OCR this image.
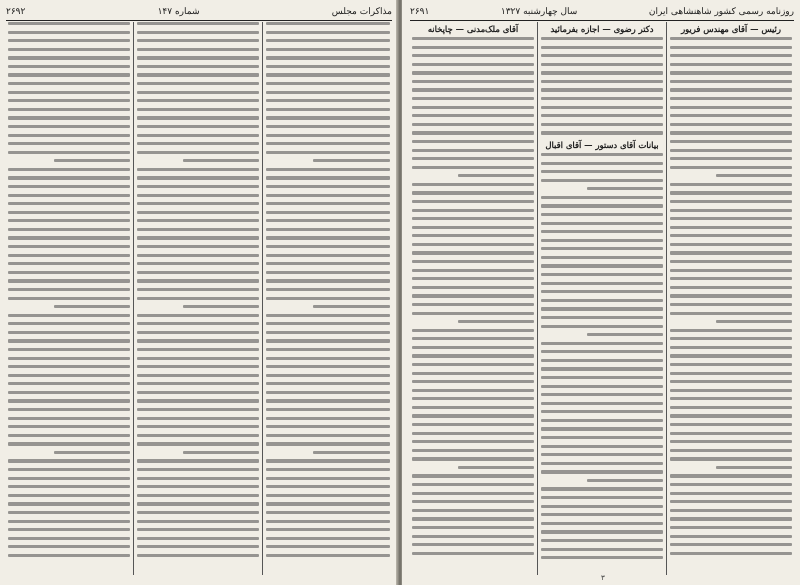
مذاکرات مجلس
شماره ۱۴۷
۲۶۹۲	روزنامه رسمی کشور شاهنشاهی ایران
سال چهارشنبه ۱۳۲۷
۲۶۹۱
آقای ملک‌مدنی — چاپخانه	دکتر رضوی — اجازه بفرمائید
بیانات آقای دستور — آقای اقبال
رئیس — آقای مهندس فریور
۳
